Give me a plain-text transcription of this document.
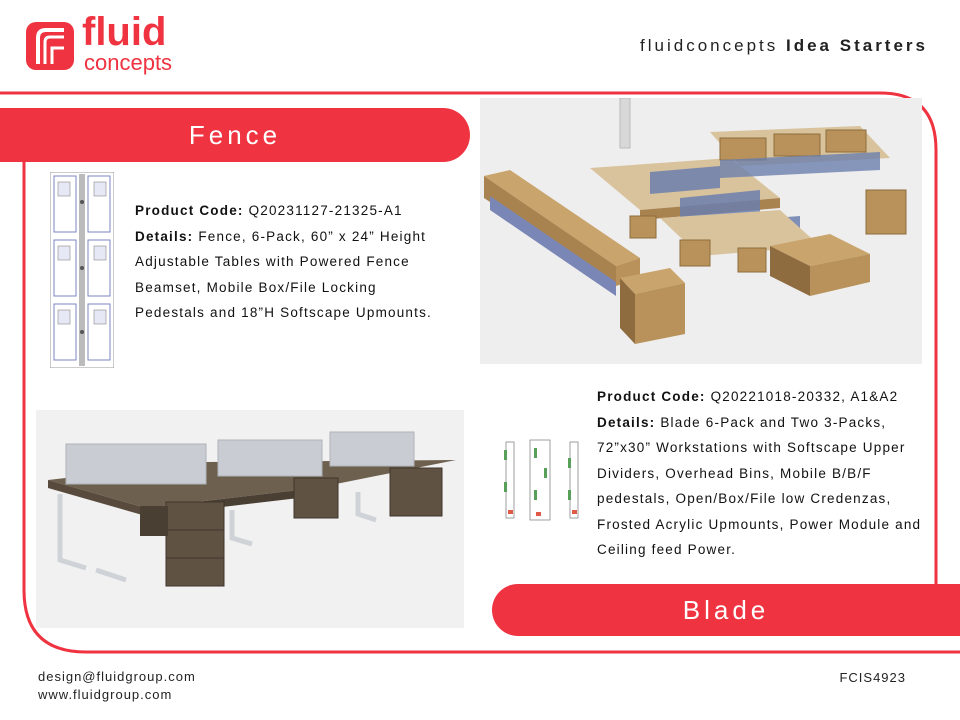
fluid
concepts
fluidconcepts Idea Starters
Fence
Product Code: Q20231127-21325-A1
Details: Fence, 6-Pack, 60” x 24” Height Adjustable Tables with Powered Fence Beamset, Mobile Box/File Locking Pedestals and 18”H Softscape Upmounts.
Product Code: Q20221018-20332, A1&A2
Details: Blade 6-Pack and Two 3-Packs, 72”x30” Workstations with Softscape Upper Dividers, Overhead Bins, Mobile B/B/F pedestals, Open/Box/File low Credenzas, Frosted Acrylic Upmounts, Power Module and Ceiling feed Power.
Blade
design@fluidgroup.com
www.fluidgroup.com
FCIS4923
